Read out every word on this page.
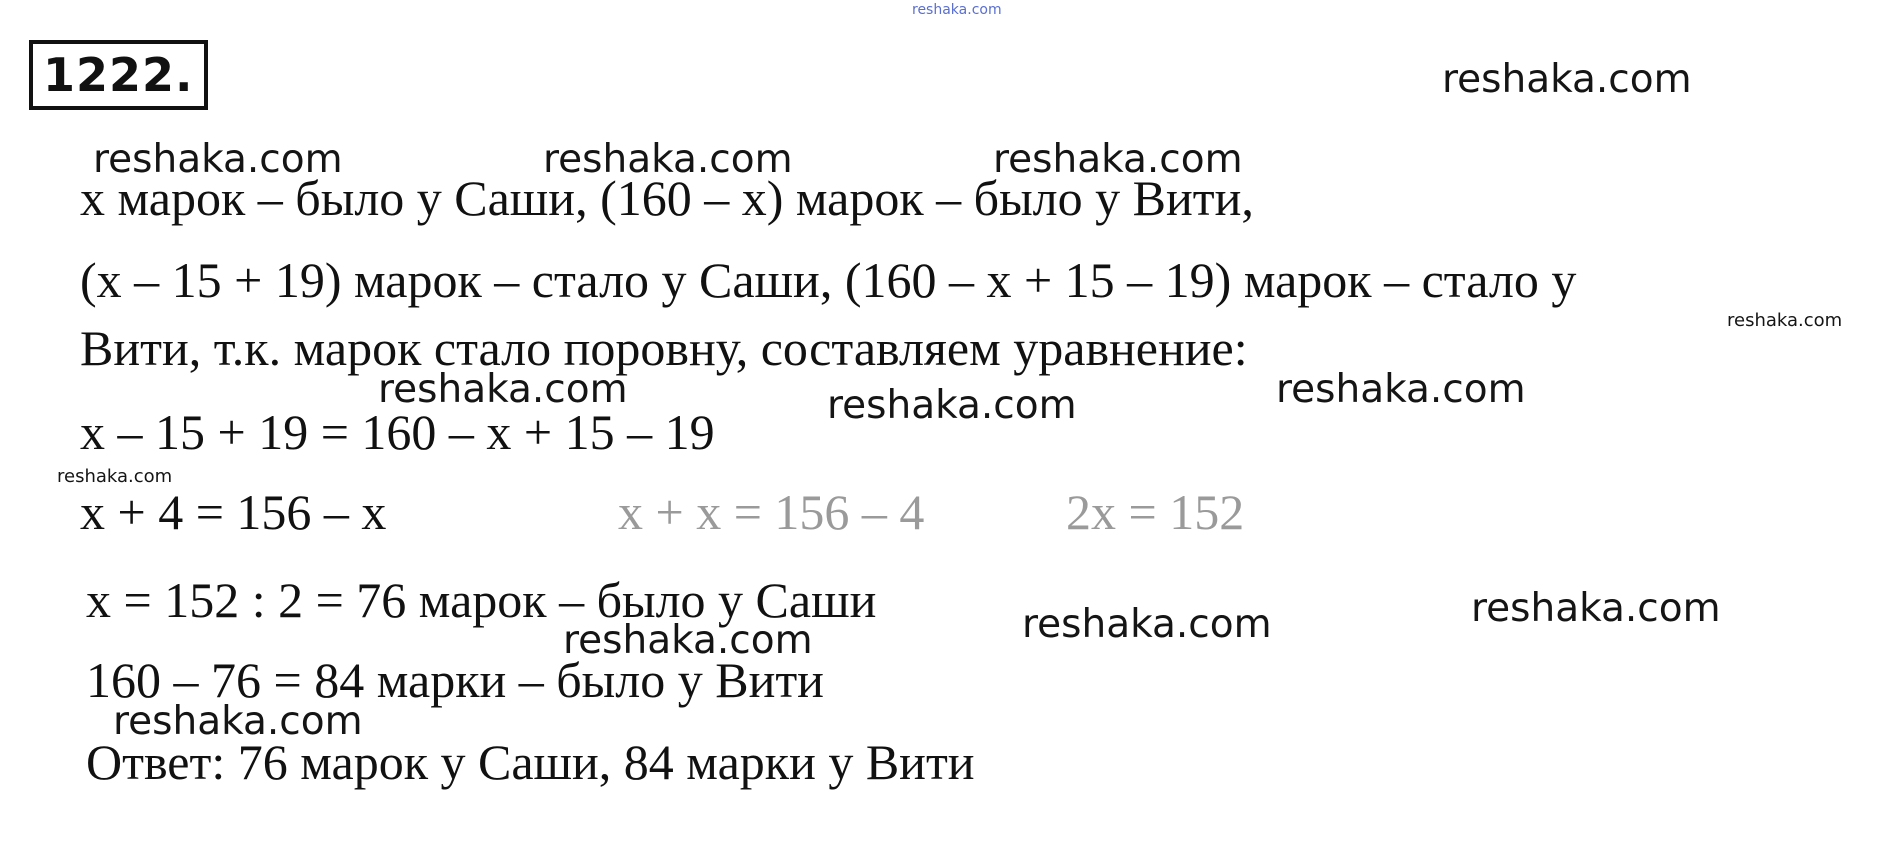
reshaka.com
1222.
x марок – было у Саши, (160 – x) марок – было у Вити,
(x – 15 + 19) марок – стало у Саши, (160 – x + 15 – 19) марок – стало у
Вити, т.к. марок стало поровну, составляем уравнение:
x – 15 + 19 = 160 – x + 15 – 19
x + 4 = 156 – x	x + x = 156 – 4	2x = 152
x = 152 : 2 = 76 марок – было у Саши
160 – 76 = 84 марки – было у Вити
Ответ: 76 марок у Саши, 84 марки у Вити
reshaka.com
reshaka.com	reshaka.com	reshaka.com
reshaka.com
reshaka.com	reshaka.com	reshaka.com
reshaka.com
reshaka.com	reshaka.com
reshaka.com
reshaka.com
